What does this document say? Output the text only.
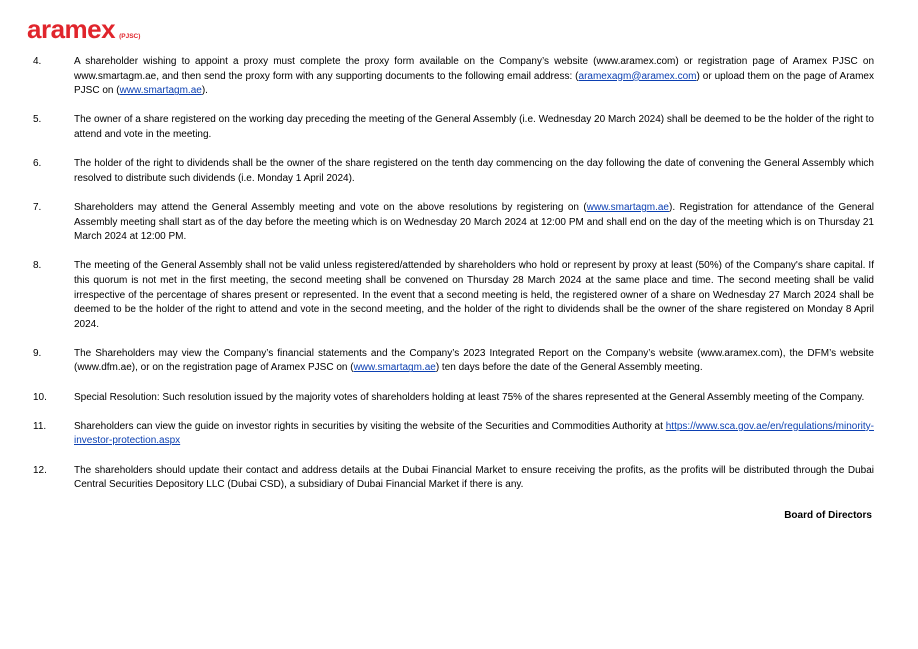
aramex (PJSC)
4.	A shareholder wishing to appoint a proxy must complete the proxy form available on the Company’s website (www.aramex.com) or registration page of Aramex PJSC on www.smartagm.ae, and then send the proxy form with any supporting documents to the following email address: (aramexagm@aramex.com) or upload them on the page of Aramex PJSC on (www.smartagm.ae).
5.	The owner of a share registered on the working day preceding the meeting of the General Assembly (i.e. Wednesday 20 March 2024) shall be deemed to be the holder of the right to attend and vote in the meeting.
6.	The holder of the right to dividends shall be the owner of the share registered on the tenth day commencing on the day following the date of convening the General Assembly which resolved to distribute such dividends (i.e. Monday 1 April 2024).
7.	Shareholders may attend the General Assembly meeting and vote on the above resolutions by registering on (www.smartagm.ae). Registration for attendance of the General Assembly meeting shall start as of the day before the meeting which is on Wednesday 20 March 2024 at 12:00 PM and shall end on the day of the meeting which is on Thursday 21 March 2024 at 12:00 PM.
8.	The meeting of the General Assembly shall not be valid unless registered/attended by shareholders who hold or represent by proxy at least (50%) of the Company's share capital. If this quorum is not met in the first meeting, the second meeting shall be convened on Thursday 28 March 2024 at the same place and time. The second meeting shall be valid irrespective of the percentage of shares present or represented. In the event that a second meeting is held, the registered owner of a share on Wednesday 27 March 2024 shall be deemed to be the holder of the right to attend and vote in the second meeting, and the holder of the right to dividends shall be the owner of the share registered on Monday 8 April 2024.
9.	The Shareholders may view the Company’s financial statements and the Company’s 2023 Integrated Report on the Company’s website (www.aramex.com), the DFM’s website (www.dfm.ae), or on the registration page of Aramex PJSC on (www.smartagm.ae) ten days before the date of the General Assembly meeting.
10.	Special Resolution: Such resolution issued by the majority votes of shareholders holding at least 75% of the shares represented at the General Assembly meeting of the Company.
11.	Shareholders can view the guide on investor rights in securities by visiting the website of the Securities and Commodities Authority at https://www.sca.gov.ae/en/regulations/minority-investor-protection.aspx
12.	The shareholders should update their contact and address details at the Dubai Financial Market to ensure receiving the profits, as the profits will be distributed through the Dubai Central Securities Depository LLC (Dubai CSD), a subsidiary of Dubai Financial Market if there is any.
Board of Directors
